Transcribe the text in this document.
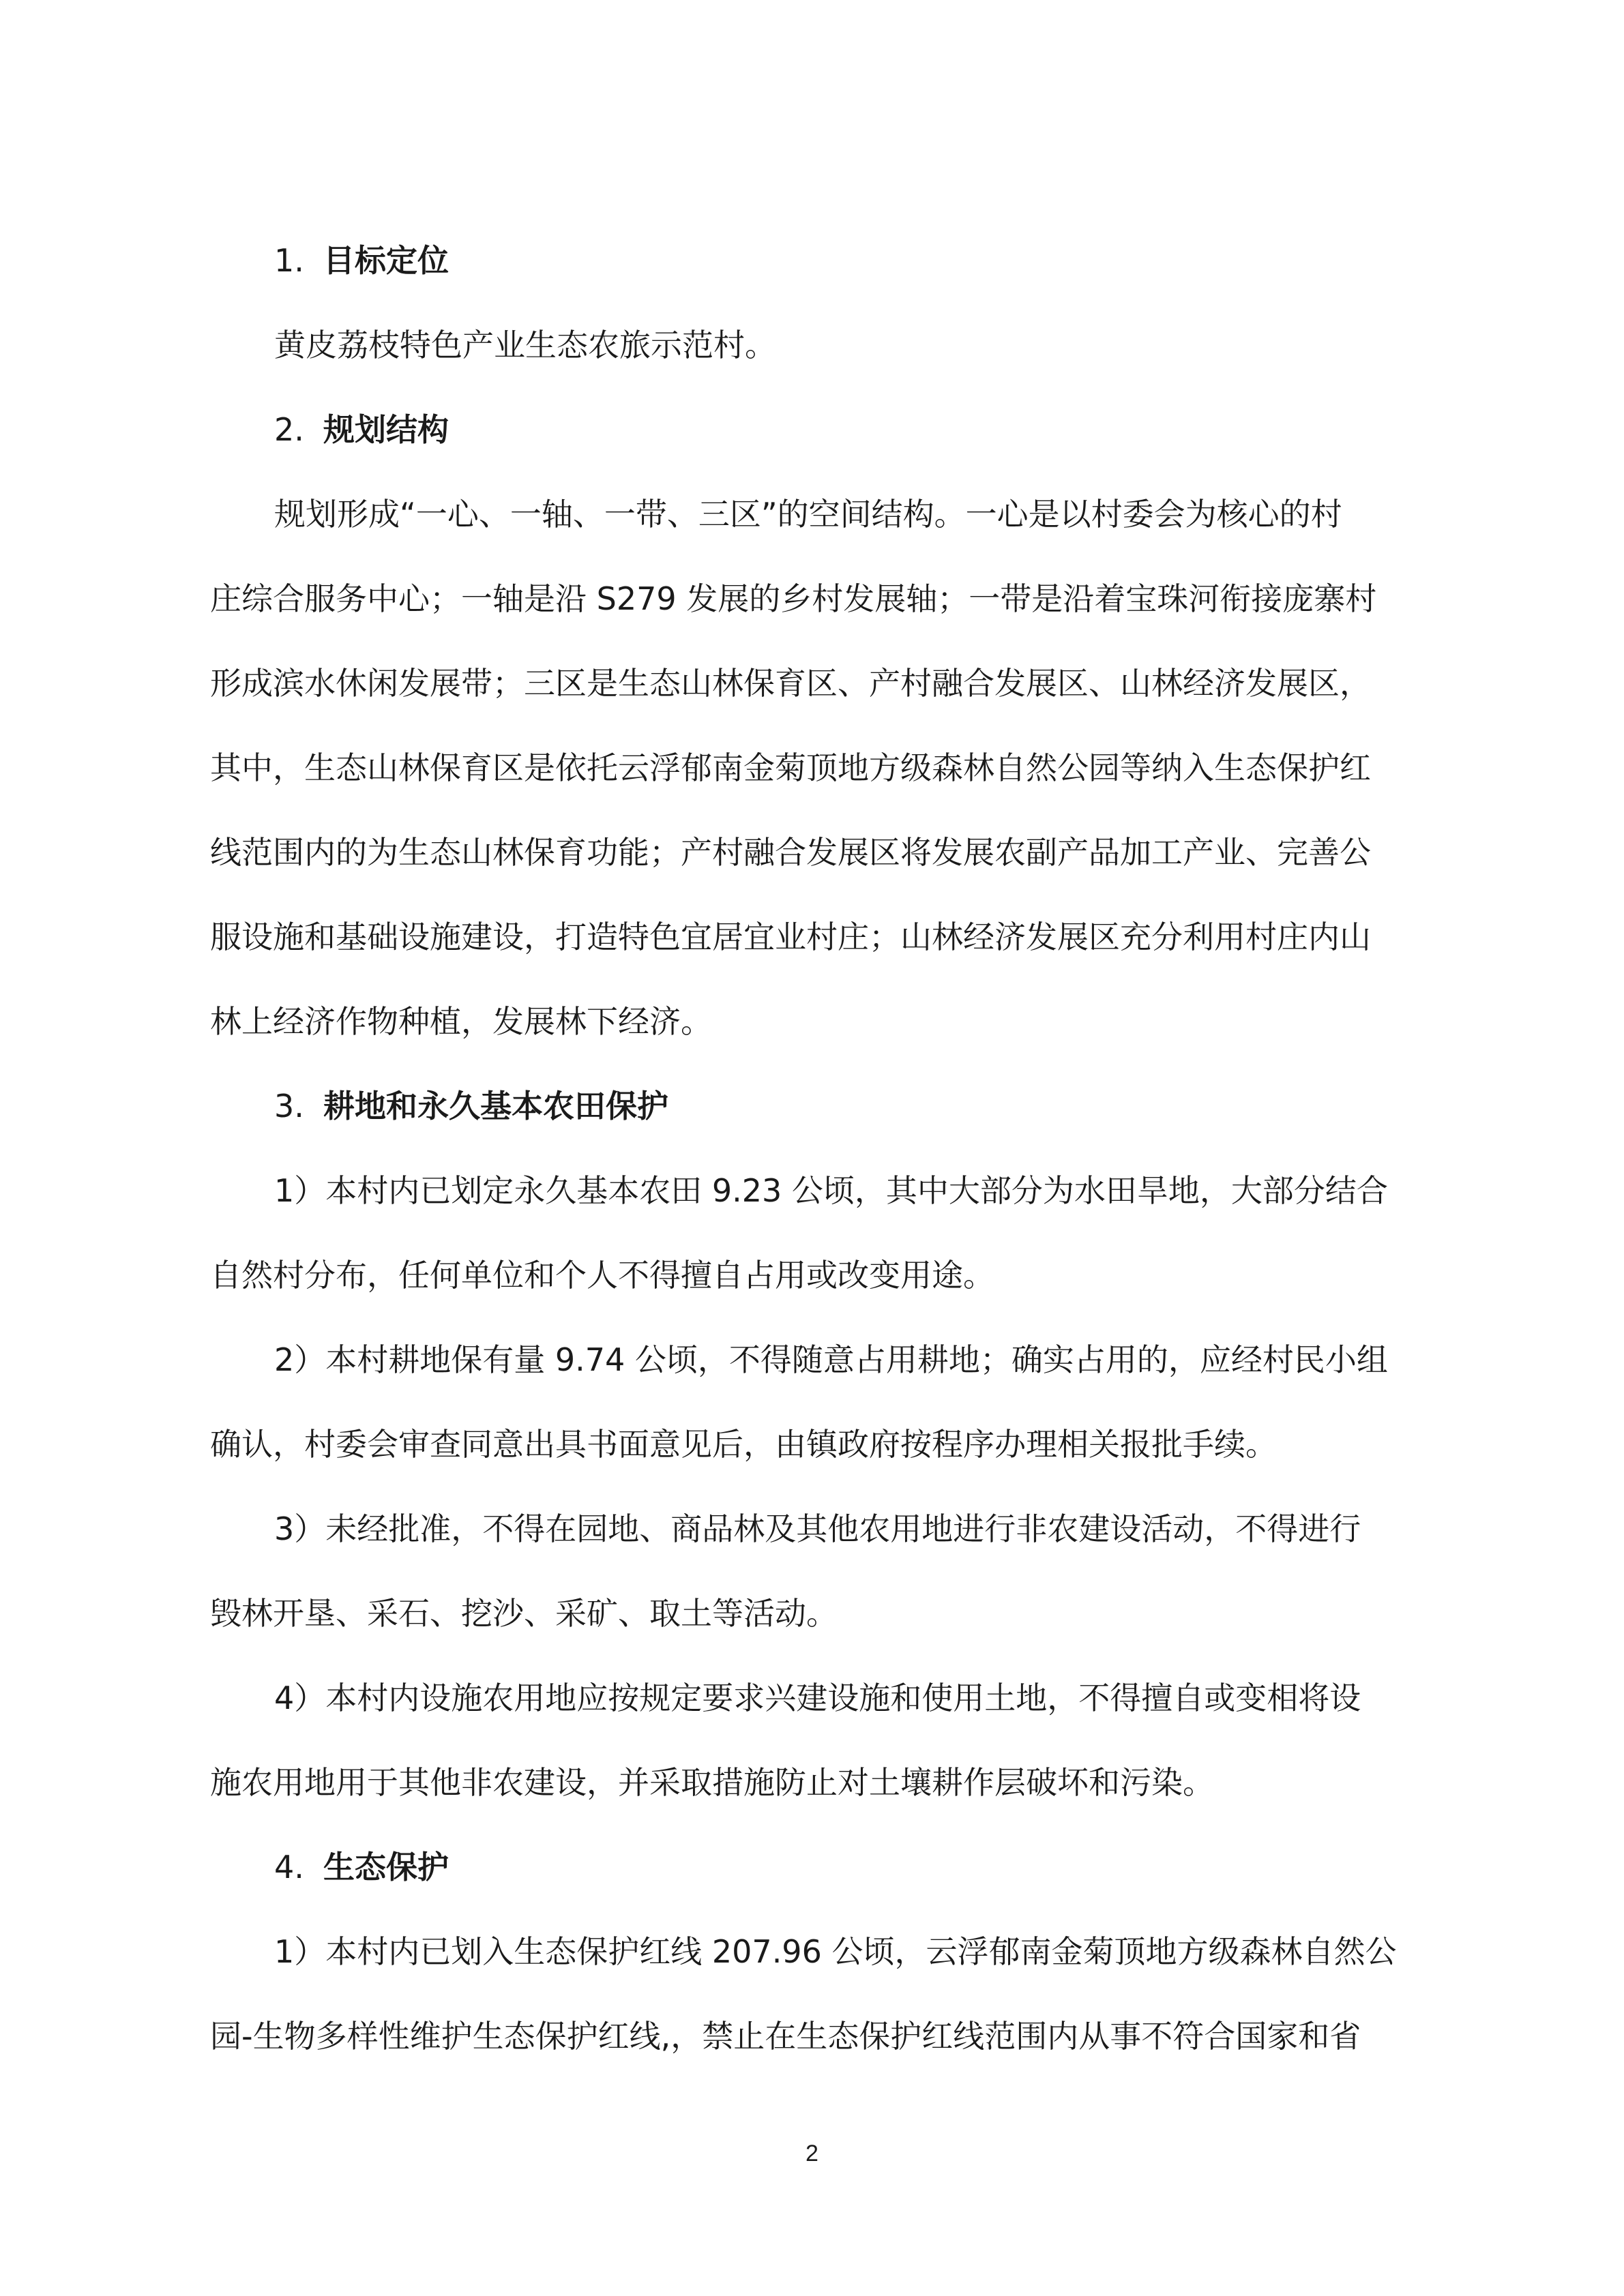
1. 目标定位
黄皮荔枝特色产业生态农旅示范村。
2. 规划结构
规划形成“一心、一轴、一带、三区”的空间结构。一心是以村委会为核心的村
庄综合服务中心；一轴是沿 S279 发展的乡村发展轴；一带是沿着宝珠河衔接庞寨村
形成滨水休闲发展带；三区是生态山林保育区、产村融合发展区、山林经济发展区，
其中，生态山林保育区是依托云浮郁南金菊顶地方级森林自然公园等纳入生态保护红
线范围内的为生态山林保育功能；产村融合发展区将发展农副产品加工产业、完善公
服设施和基础设施建设，打造特色宜居宜业村庄；山林经济发展区充分利用村庄内山
林上经济作物种植，发展林下经济。
3. 耕地和永久基本农田保护
1）本村内已划定永久基本农田 9.23 公顷，其中大部分为水田旱地，大部分结合
自然村分布，任何单位和个人不得擅自占用或改变用途。
2）本村耕地保有量 9.74 公顷，不得随意占用耕地；确实占用的，应经村民小组
确认，村委会审查同意出具书面意见后，由镇政府按程序办理相关报批手续。
3）未经批准，不得在园地、商品林及其他农用地进行非农建设活动，不得进行
毁林开垦、采石、挖沙、采矿、取土等活动。
4）本村内设施农用地应按规定要求兴建设施和使用土地，不得擅自或变相将设
施农用地用于其他非农建设，并采取措施防止对土壤耕作层破坏和污染。
4. 生态保护
1）本村内已划入生态保护红线 207.96 公顷，云浮郁南金菊顶地方级森林自然公
园-生物多样性维护生态保护红线,，禁止在生态保护红线范围内从事不符合国家和省
2
